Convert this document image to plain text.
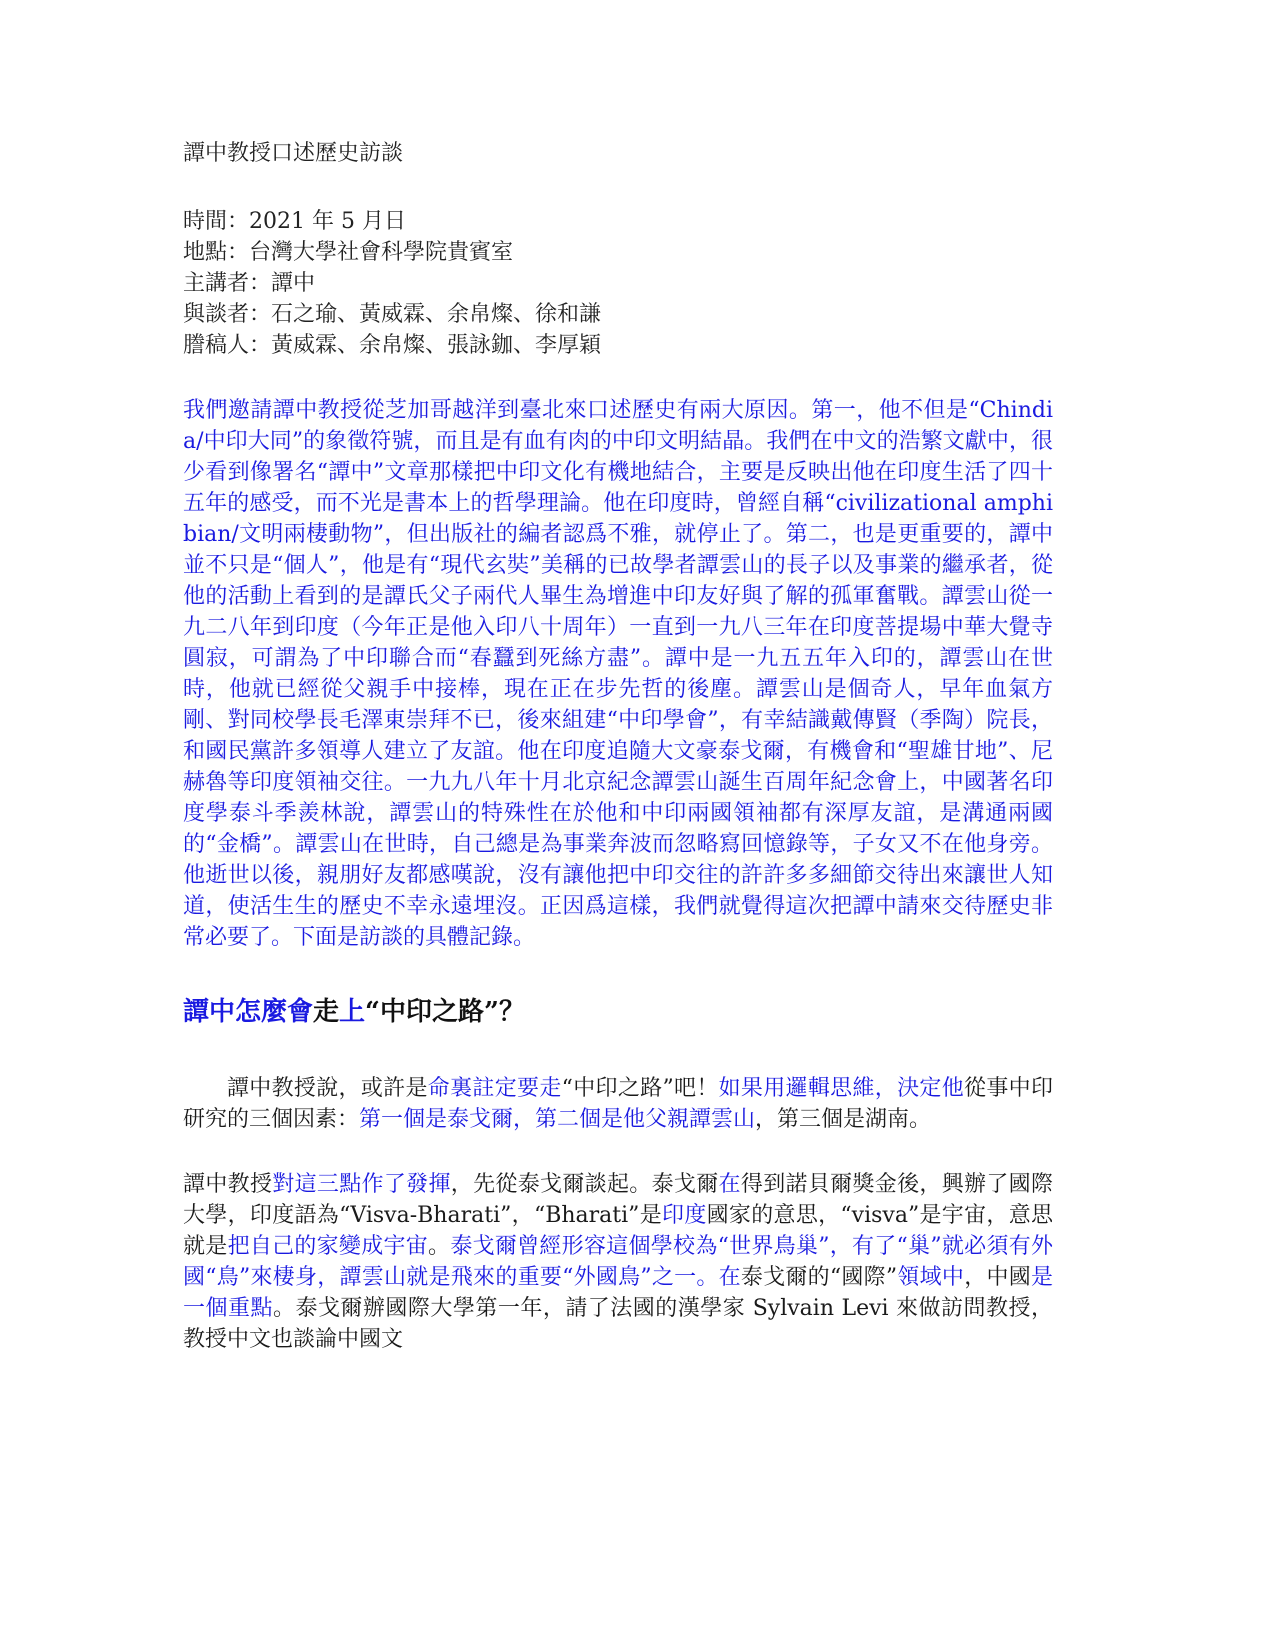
譚中教授口述歷史訪談
時間：2021 年 5 月日
地點：台灣大學社會科學院貴賓室
主講者：譚中
與談者：石之瑜、黃威霖、余帛燦、徐和謙
謄稿人：黃威霖、余帛燦、張詠鉫、李厚穎

我們邀請譚中教授從芝加哥越洋到臺北來口述歷史有兩大原因。第一，他不但是“Chindia/中印大同”的象徵符號，而且是有血有肉的中印文明結晶。我們在中文的浩繁文獻中，很少看到像署名“譚中”文章那樣把中印文化有機地結合，主要是反映出他在印度生活了四十五年的感受，而不光是書本上的哲學理論。他在印度時，曾經自稱“civilizational amphibian/文明兩棲動物”，但出版社的編者認爲不雅，就停止了。第二，也是更重要的，譚中並不只是“個人”，他是有“現代玄奘”美稱的已故學者譚雲山的長子以及事業的繼承者，從他的活動上看到的是譚氏父子兩代人畢生為增進中印友好與了解的孤軍奮戰。譚雲山從一九二八年到印度（今年正是他入印八十周年）一直到一九八三年在印度菩提場中華大覺寺圓寂，可謂為了中印聯合而“春蠶到死絲方盡”。譚中是一九五五年入印的，譚雲山在世時，他就已經從父親手中接棒，現在正在步先哲的後塵。譚雲山是個奇人，早年血氣方剛、對同校學長毛澤東崇拜不已，後來組建“中印學會”，有幸結識戴傳賢（季陶）院長，和國民黨許多領導人建立了友誼。他在印度追隨大文豪泰戈爾，有機會和“聖雄甘地”、尼赫魯等印度領袖交往。一九九八年十月北京紀念譚雲山誕生百周年紀念會上，中國著名印度學泰斗季羨林說，譚雲山的特殊性在於他和中印兩國領袖都有深厚友誼，是溝通兩國的“金橋”。譚雲山在世時，自己總是為事業奔波而忽略寫回憶錄等，子女又不在他身旁。他逝世以後，親朋好友都感嘆說，沒有讓他把中印交往的許許多多細節交待出來讓世人知道，使活生生的歷史不幸永遠埋沒。正因爲這樣，我們就覺得這次把譚中請來交待歷史非常必要了。下面是訪談的具體記錄。

譚中怎麼會走上“中印之路”？

譚中教授說，或許是命裏註定要走“中印之路”吧！如果用邏輯思維，決定他從事中印研究的三個因素：第一個是泰戈爾，第二個是他父親譚雲山，第三個是湖南。

譚中教授對這三點作了發揮，先從泰戈爾談起。泰戈爾在得到諾貝爾獎金後，興辦了國際大學，印度語為“Visva-Bharati”，“Bharati”是印度國家的意思，“visva”是宇宙，意思就是把自己的家變成宇宙。泰戈爾曾經形容這個學校為“世界鳥巢”，有了“巢”就必須有外國“鳥”來棲身，譚雲山就是飛來的重要“外國鳥”之一。在泰戈爾的“國際”領域中，中國是一個重點。泰戈爾辦國際大學第一年，請了法國的漢學家 Sylvain Levi 來做訪問教授，教授中文也談論中國文
